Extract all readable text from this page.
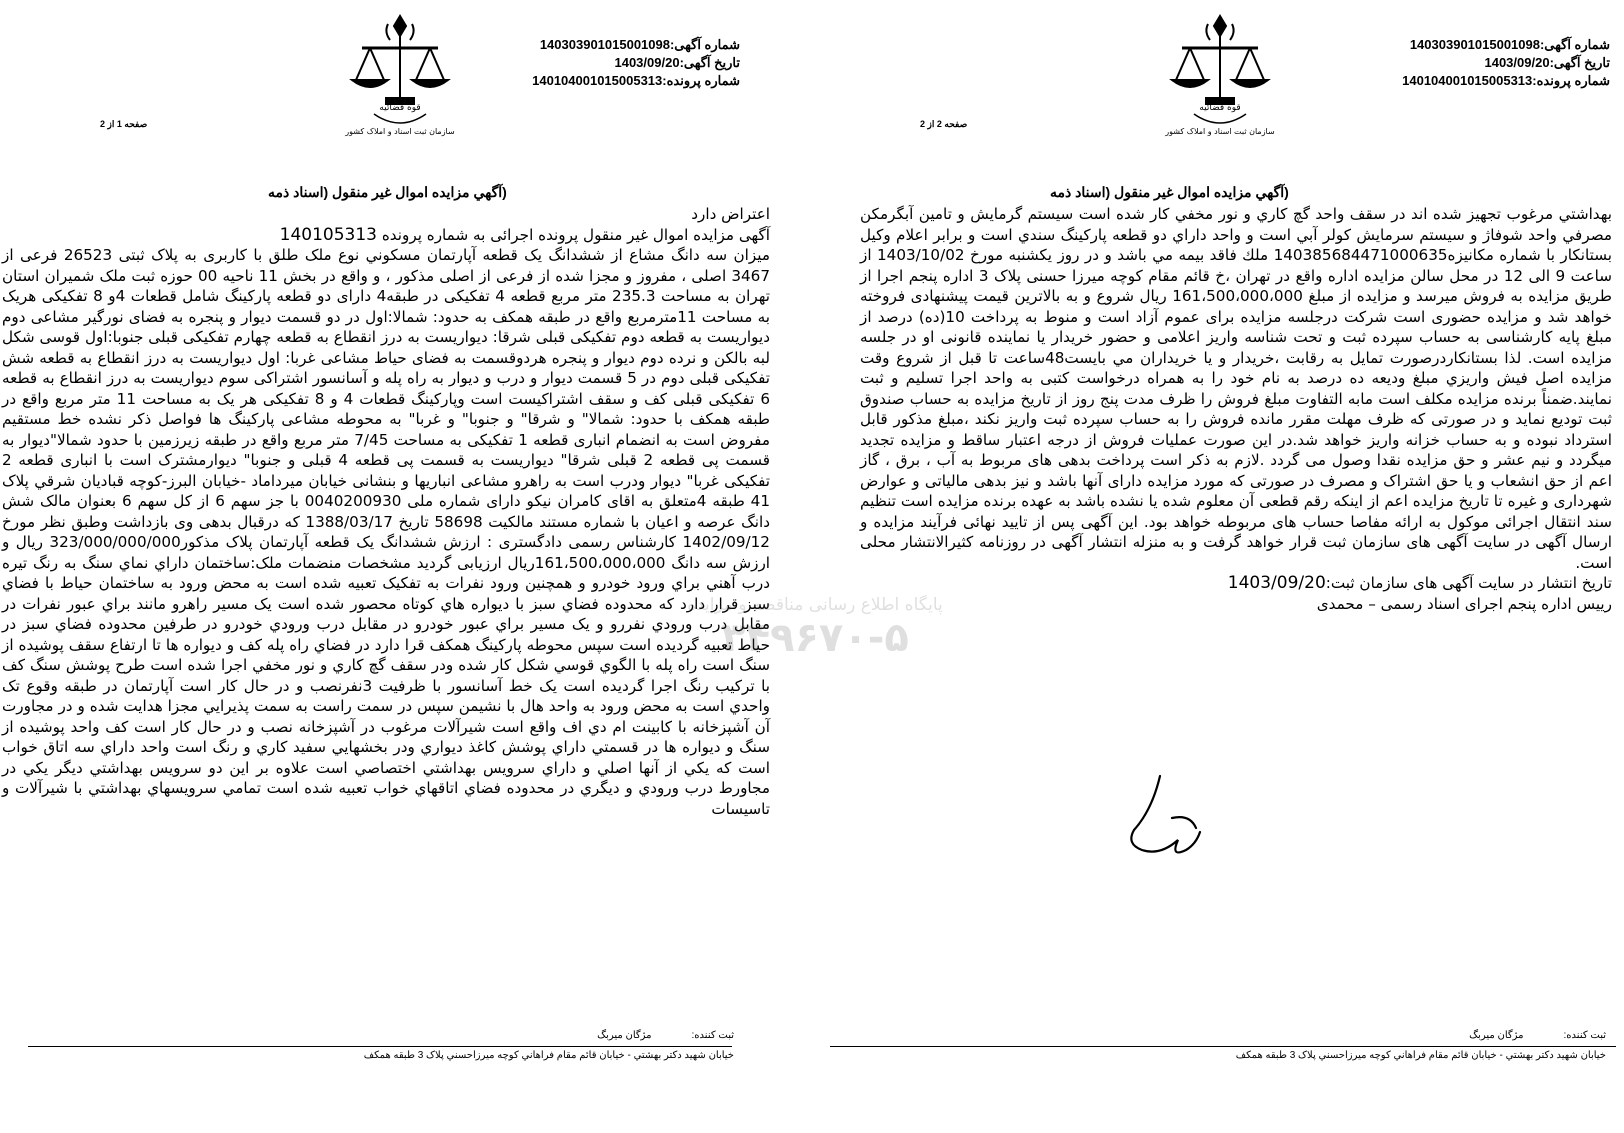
شماره آگهی:140303901015001098
تاريخ آگهی:1403/09/20
شماره پرونده:140104001015005313
قوه قضائيه
سازمان ثبت اسناد و املاک كشور
صفحه 2 از 2
(آگهي مزايده اموال غير منقول (اسناد ذمه

بهداشتي مرغوب تجهيز شده اند در سقف واحد گچ كاري و نور مخفي كار شده است سيستم گرمايش و تامين آبگرمكن مصرفي واحد شوفاژ و سيستم سرمايش كولر آبي است و واحد داراي دو قطعه پاركينگ سندي است و برابر اعلام وكيل بستانكار با شماره مكانيزه140385684471000635 ملك فاقد بيمه مي باشد و در روز يكشنبه مورخ 1403/10/02 از ساعت 9 الی 12 در محل سالن مزايده اداره واقع در تهران ،خ قائم مقام كوچه ميرزا حسنی پلاک 3 اداره پنجم اجرا از طريق مزايده به فروش ميرسد و مزايده از مبلغ 161،500،000،000 ريال شروع و به بالاترين قيمت پيشنهادی فروخته خواهد شد و مزايده حضوری است شركت درجلسه مزايده برای عموم آزاد است و منوط به پرداخت 10(ده) درصد از مبلغ پايه كارشناسی به حساب سپرده ثبت و تحت شناسه واريز اعلامی و حضور خريدار يا نماينده قانونی او در جلسه مزايده است. لذا بستانكاردرصورت تمايل به رقابت ،خريدار و يا خريداران مي بايست48ساعت تا قبل از شروع وقت مزايده اصل فيش واريزي مبلغ وديعه ده درصد به نام خود را به همراه درخواست كتبی به واحد اجرا تسليم و ثبت نمايند.ضمناً برنده مزايده مكلف است مابه التفاوت مبلغ فروش را ظرف مدت پنج روز از تاريخ مزايده به حساب صندوق ثبت توديع نمايد و در صورتی كه ظرف مهلت مقرر مانده فروش را به حساب سپرده ثبت واريز نكند ،مبلغ مذكور قابل استرداد نبوده و به حساب خزانه واريز خواهد شد.در اين صورت عمليات فروش از درجه اعتبار ساقط و مزايده تجديد ميگردد و نيم عشر و حق مزايده نقدا وصول می گردد .لازم به ذكر است پرداخت بدهی های مربوط به آب ، برق ، گاز اعم از حق انشعاب و يا حق اشتراک و مصرف در صورتی كه مورد مزايده دارای آنها باشد و نيز بدهی مالياتی و عوارض شهرداری و غيره تا تاريخ مزايده اعم از اينكه رقم قطعی آن معلوم شده يا نشده باشد به عهده برنده مزايده است تنظيم سند انتقال اجرائی موكول به ارائه مفاصا حساب های مربوطه خواهد بود. اين آگهی پس از تاييد نهائی فرآيند مزايده و ارسال آگهی در سايت آگهی های سازمان ثبت قرار خواهد گرفت و به منزله انتشار آگهی در روزنامه كثيرالانتشار محلی است.

تاريخ انتشار در سايت آگهی های سازمان ثبت:1403/09/20

رييس اداره پنجم اجرای اسناد رسمی – محمدی

ثبت كننده:مژگان ميربگ
خيابان شهيد دكتر بهشتي - خيابان قائم مقام فراهاني كوچه ميرزاحسني پلاک 3 طبقه همكف
شماره آگهی:140303901015001098
تاريخ آگهی:1403/09/20
شماره پرونده:140104001015005313
قوه قضائيه
سازمان ثبت اسناد و املاک كشور
صفحه 1 از 2
(آگهي مزايده اموال غير منقول (اسناد ذمه

اعتراض دارد

آگهی مزايده اموال غير منقول پرونده اجرائی به شماره پرونده 140105313

ميزان سه دانگ مشاع از ششدانگ يک قطعه آپارتمان مسكوني نوع ملک طلق با كاربری به پلاک ثبتی 26523 فرعی از 3467 اصلی ، مفروز و مجزا شده از فرعی از اصلی مذكور ، و واقع در بخش 11 ناحيه 00 حوزه ثبت ملک شميران استان تهران به مساحت 235.3 متر مربع قطعه 4 تفكيكی در طبقه4 دارای دو قطعه پاركينگ شامل قطعات 4و 8 تفكيكی هريک به مساحت 11مترمربع واقع در طبقه همكف به حدود: شمالا:اول در دو قسمت ديوار و پنجره به فضای نورگير مشاعی دوم ديواريست به قطعه دوم تفكيكی قبلی شرقا: ديواريست به درز انقطاع به قطعه چهارم تفكيكی قبلی جنوبا:اول قوسی شكل لبه بالكن و نرده دوم ديوار و پنجره هردوقسمت به فضای حياط مشاعی غربا: اول ديواريست به درز انقطاع به قطعه شش تفكيكی قبلی دوم در 5 قسمت ديوار و درب و ديوار به راه پله و آسانسور اشتراكی سوم ديواريست به درز انقطاع به قطعه 6 تفكيكی قبلی كف و سقف اشتراكيست است وپاركينگ قطعات 4 و 8 تفكيكی هر يک به مساحت 11 متر مربع واقع در طبقه همكف با حدود: شمالا" و شرقا" و جنوبا" و غربا" به محوطه مشاعی پاركينگ ها فواصل ذكر نشده خط مستقيم مفروض است به انضمام انباری قطعه 1 تفكيكی به مساحت 7/45 متر مربع واقع در طبقه زيرزمين با حدود شمالا"ديوار به قسمت پی قطعه 2 قبلی شرقا" ديواريست به قسمت پی قطعه 4 قبلی و جنوبا" ديوارمشترک است با انباری قطعه 2 تفكيكی غربا" ديوار ودرب است به راهرو مشاعی انباريها و بنشانی خيابان ميرداماد -خيابان البرز-كوچه قباديان شرقي پلاک 41 طبقه 4متعلق به اقای كامران نيكو دارای شماره ملی 0040200930 با جز سهم 6 از كل سهم 6 بعنوان مالک شش دانگ عرصه و اعيان با شماره مستند مالكيت 58698 تاريخ 1388/03/17 كه درقبال بدهی وی بازداشت وطبق نظر مورخ 1402/09/12 كارشناس رسمی دادگستری : ارزش ششدانگ يک قطعه آپارتمان پلاک مذكور323/000/000/000 ريال و ارزش سه دانگ 161،500،000،000ريال ارزيابی گرديد مشخصات منضمات ملک:ساختمان داراي نماي سنگ به رنگ تيره درب آهني براي ورود خودرو و همچنين ورود نفرات به تفكيک تعبيه شده است به محض ورود به ساختمان حياط با فضاي سبز قرار دارد كه محدوده فضاي سبز با ديواره هاي كوتاه محصور شده است يک مسير راهرو مانند براي عبور نفرات در مقابل درب ورودي نفررو و يک مسير براي عبور خودرو در مقابل درب ورودي خودرو در طرفين محدوده فضاي سبز در حياط تعبيه گرديده است سپس محوطه پاركينگ همكف قرا دارد در فضاي راه پله كف و ديواره ها تا ارتفاع سقف پوشيده از سنگ است راه پله با الگوي قوسي شكل كار شده ودر سقف گچ كاري و نور مخفي اجرا شده است طرح پوشش سنگ كف با تركيب رنگ اجرا گرديده است يک خط آسانسور با ظرفيت 3نفرنصب و در حال كار است آپارتمان در طبقه وقوع تک واحدي است به محض ورود به واحد هال با نشيمن سپس در سمت راست به سمت پذيرايي مجزا هدايت شده و در مجاورت آن آشپزخانه با كابينت ام دي اف واقع است شيرآلات مرغوب در آشپزخانه نصب و در حال كار است كف واحد پوشيده از سنگ و ديواره ها در قسمتي داراي پوشش كاغذ ديواري ودر بخشهايي سفيد كاري و رنگ است واحد داراي سه اتاق خواب است كه يكي از آنها اصلي و داراي سرويس بهداشتي اختصاصي است علاوه بر اين دو سرويس بهداشتي ديگر يكي در مجاورط درب ورودي و ديگري در محدوده فضاي اتاقهاي خواب تعبيه شده است تمامي سرويسهاي بهداشتي با شيرآلات و تاسيسات

ثبت كننده:مژگان ميربگ
خيابان شهيد دكتر بهشتي - خيابان قائم مقام فراهاني كوچه ميرزاحسني پلاک 3 طبقه همكف
پايگاه اطلاع رسانی مناقصه و مزايده
۳۴۹۶۷۰-۵
